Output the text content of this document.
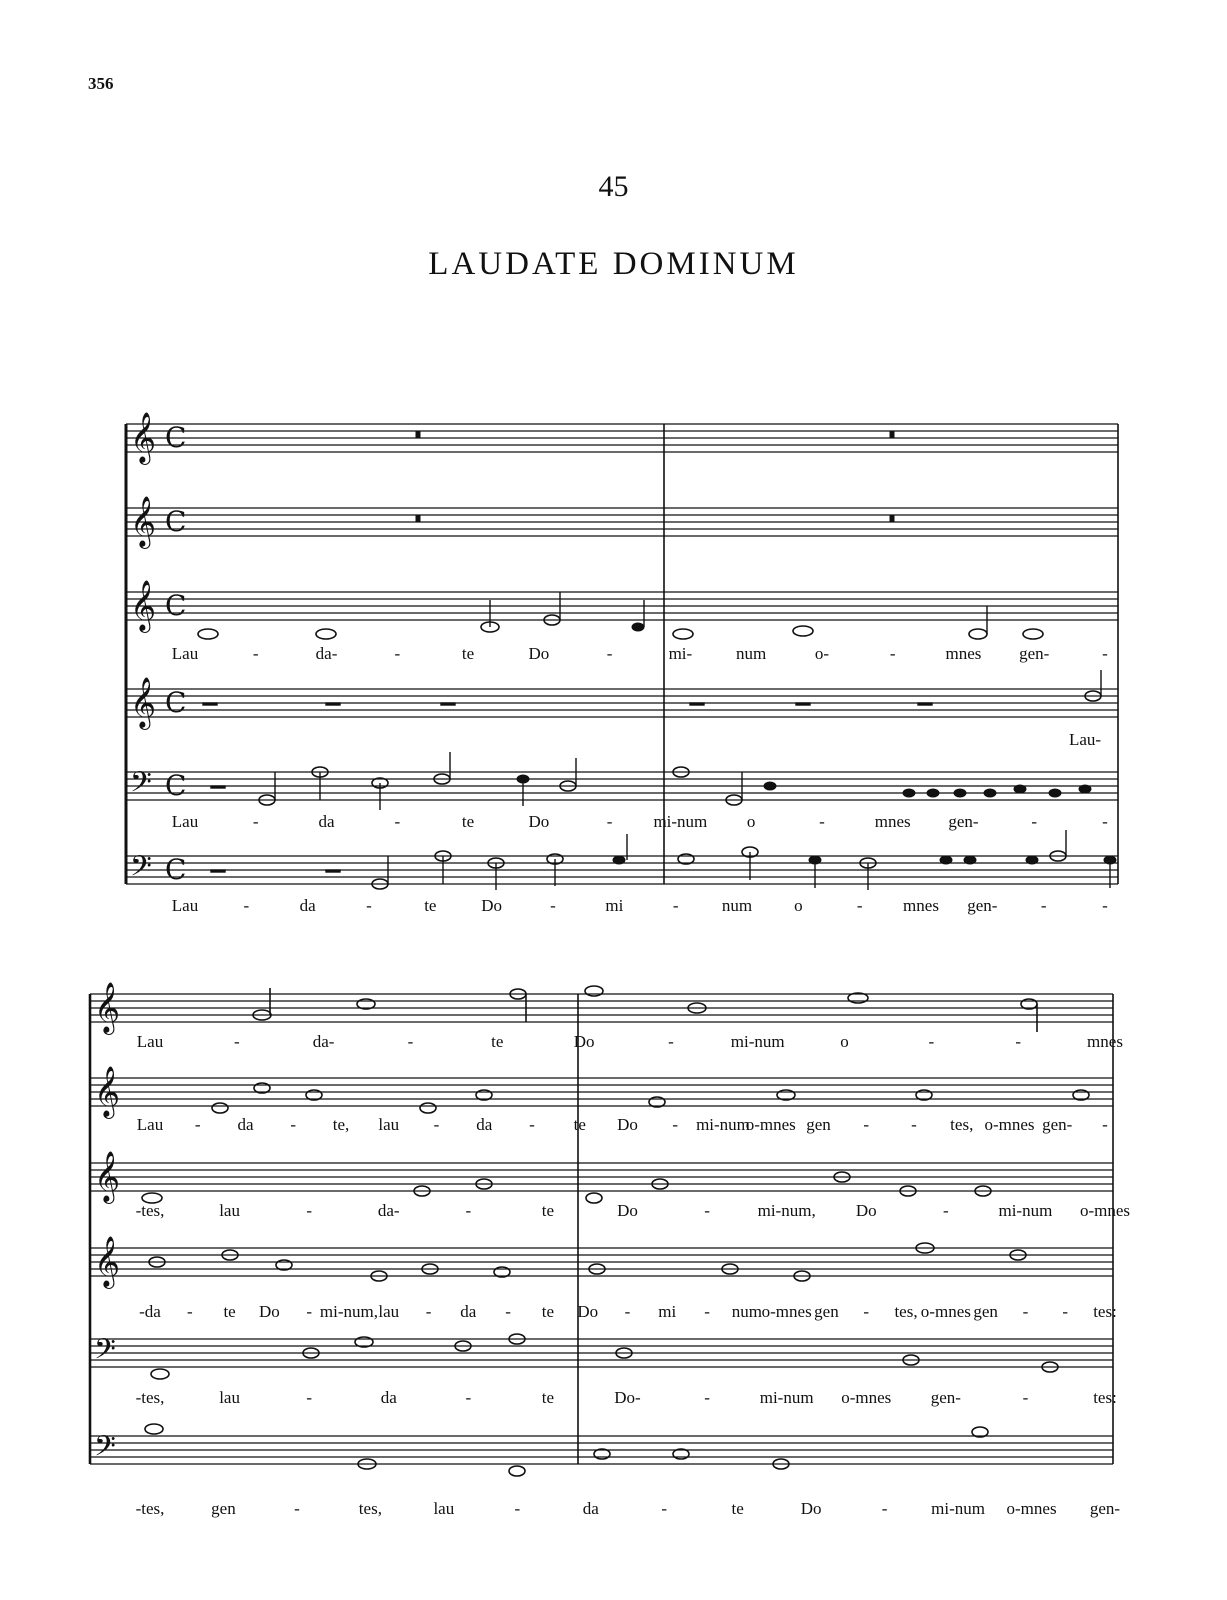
356
45
LAUDATE DOMINUM
𝄞
𝄞
𝄞
𝄞
𝄢
𝄢
C
C
C
C
C
C
𝄞
𝄞
𝄞
𝄞
𝄢
𝄢
Lau	-	da-	-	te	Do	-	mi-	num	o-	-	mnes gen-	-
Lau-
Lau	-	da	-	te	Do	- mi-num o	-	mnes gen-	-	-
Lau	-	da	-	te	Do	-	mi	-	num o	- mnes gen-	-	-
Lau	-	da-	-	te	Do	-	mi-num	o	-	-	mnes
Lau - da - te, lau - da - te Do - mi-num
o-mnes gen - - tes, o-mnes gen- -
-tes,	lau	-	da-	-	te	Do	-	mi-num, Do	-	mi-num o-mnes
-da - te Do - mi-num, lau - da - te Do - mi - num o-mnes gen - tes, o-mnes gen - - tes:
-tes,	lau	-	da	-	te	Do-	-	mi-num o-mnes gen-	-	tes:
-tes,	gen	-	tes,	lau	-	da	-	te	Do	-	mi-num o-mnes gen-
